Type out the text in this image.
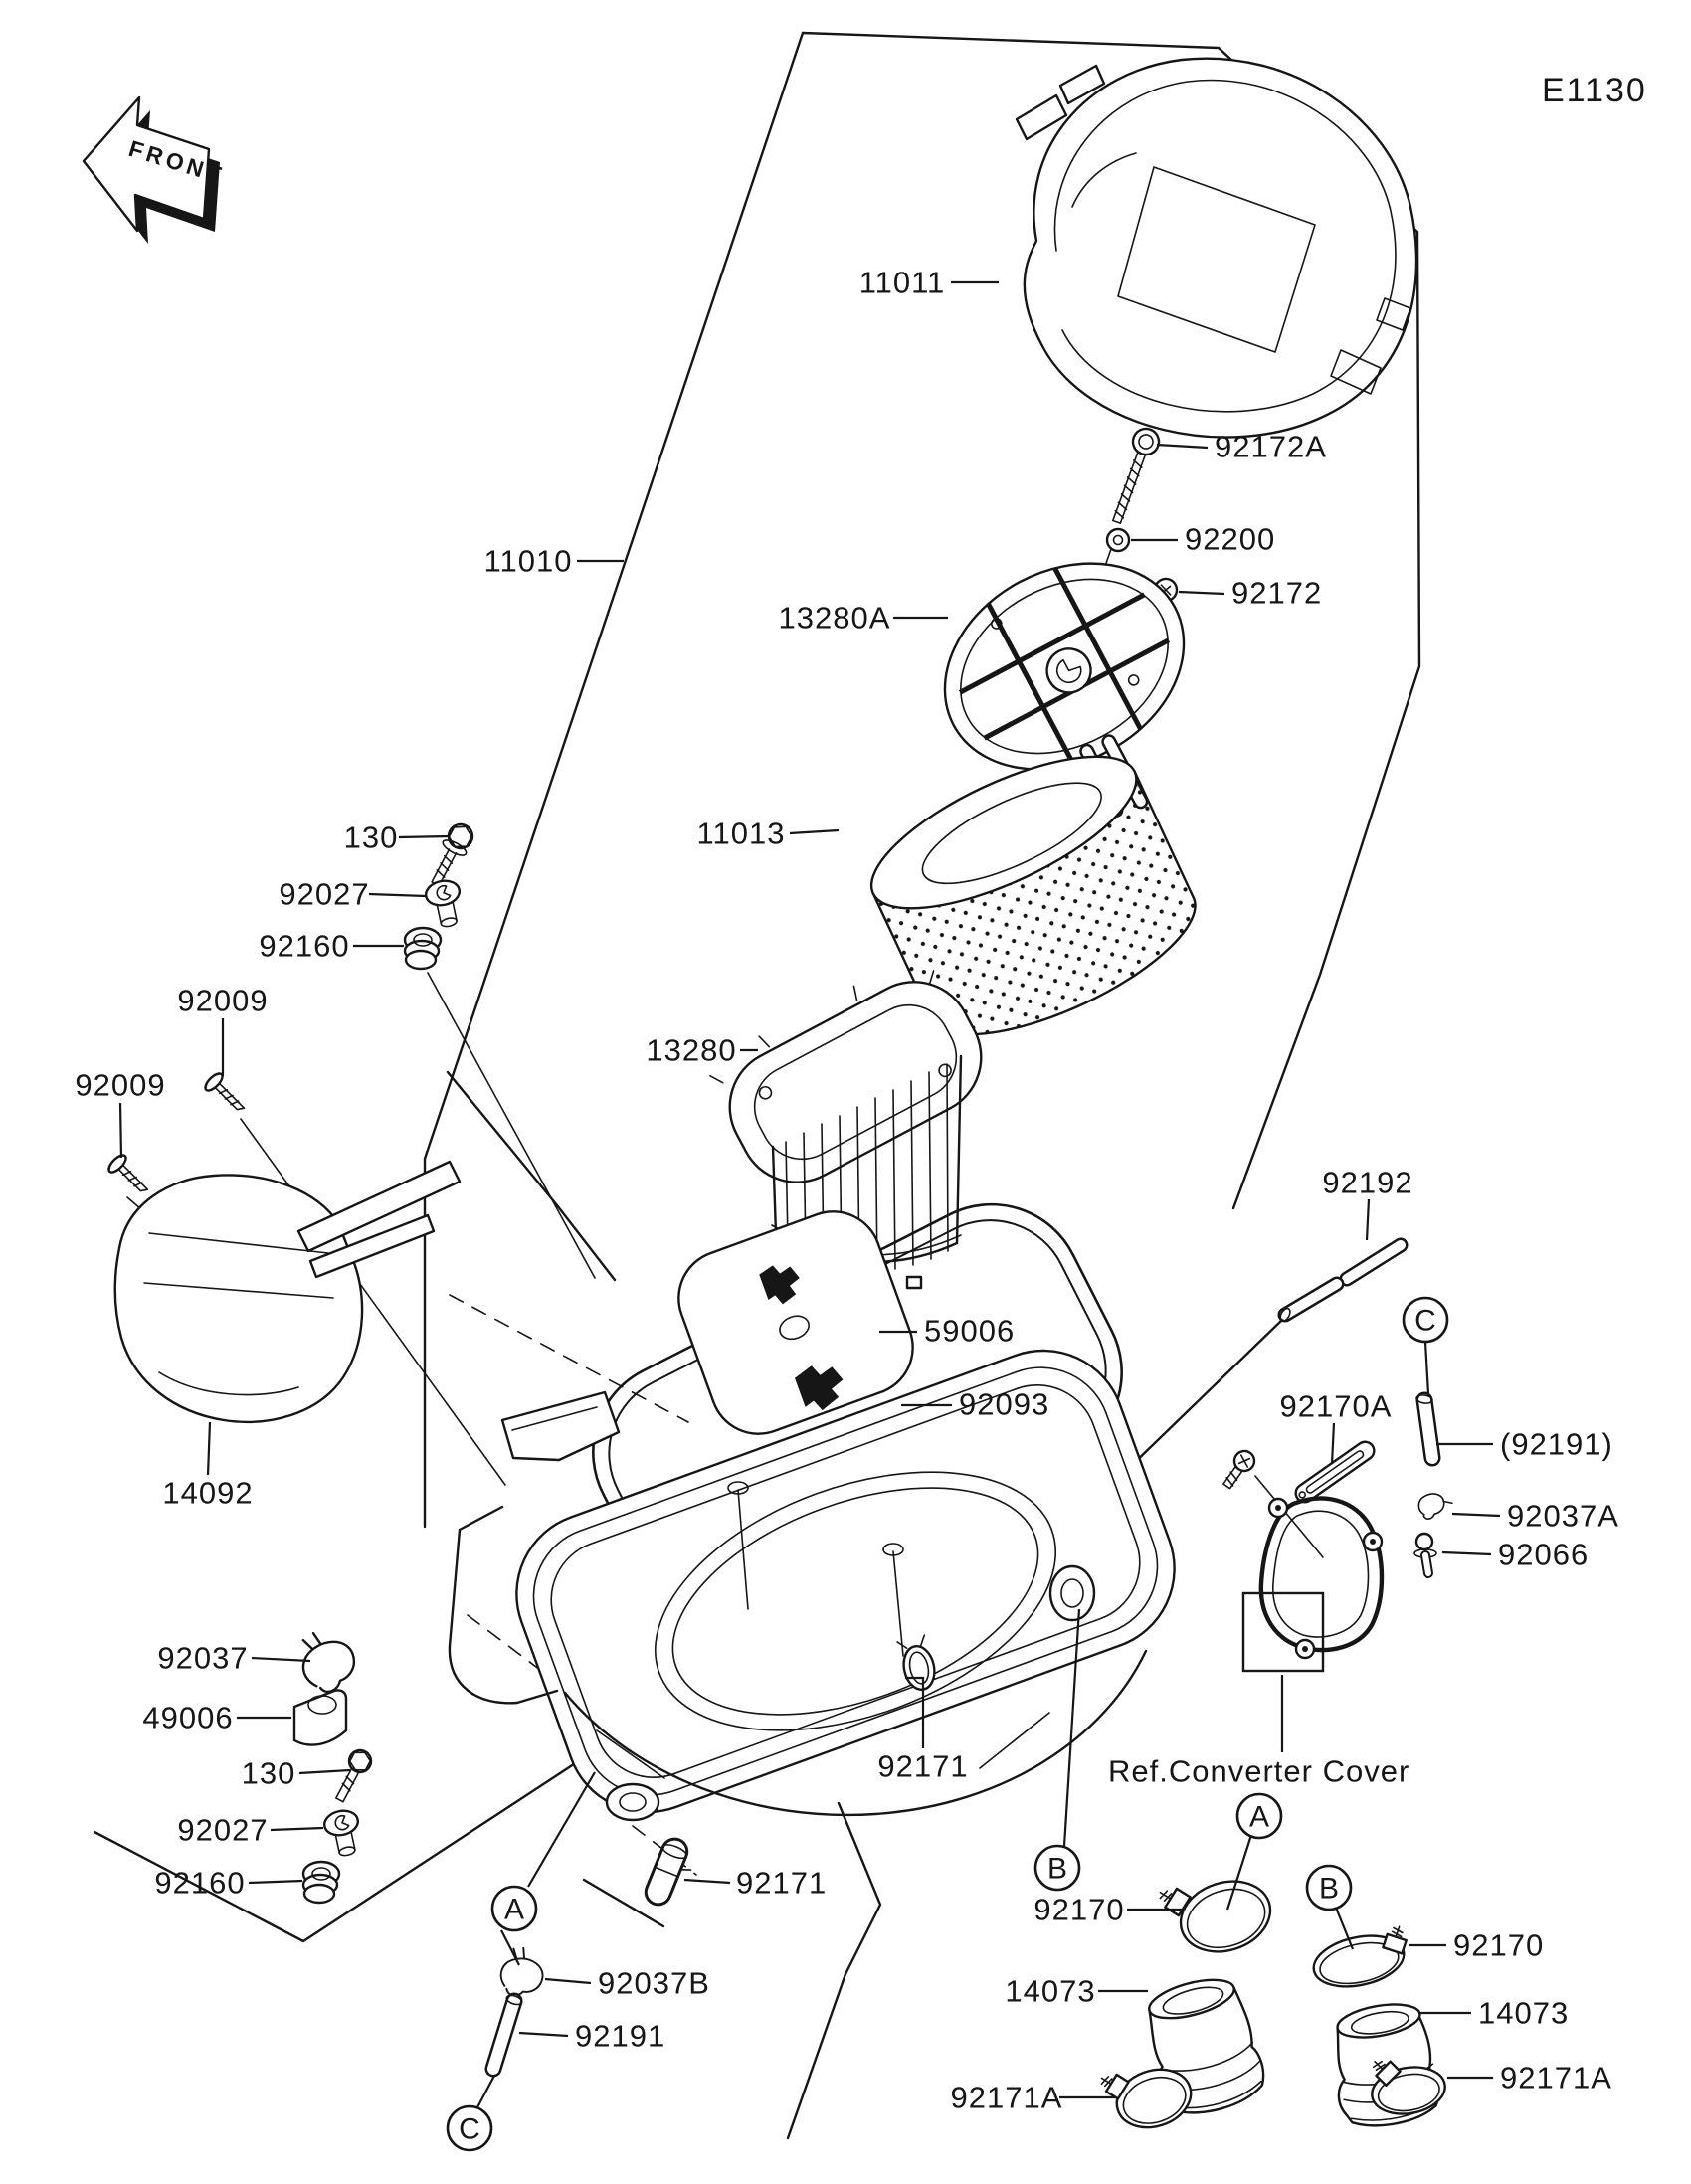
FRONT
E1130
A
B
C
A
B
C
11011
92172A
92200
92172
13280A
11010
11013
13280
59006
92093
92192
(92191)
92037A
92066
92170A
Ref.Converter Cover
92171
92171
92037B
92191
92037
49006
130
92027
92160
130
92027
92160
92009
92009
14092
92170
14073
92171A
92170
14073
92171A
